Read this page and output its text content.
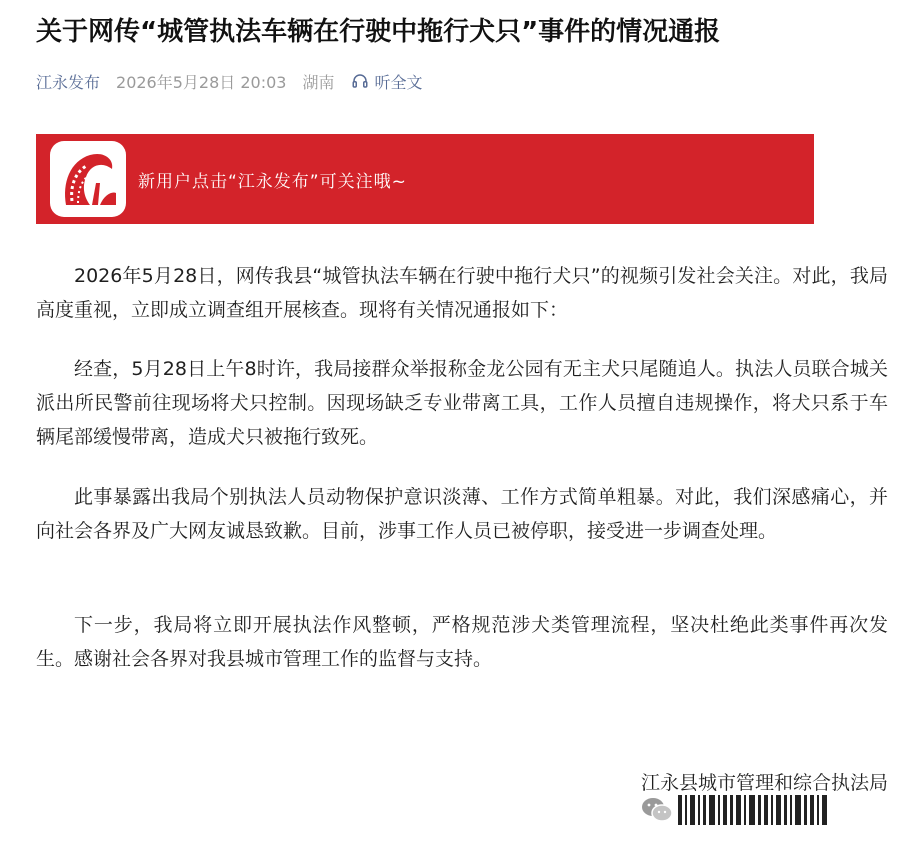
关于网传“城管执法车辆在行驶中拖行犬只”事件的情况通报
江永发布 2026年5月28日 20:03 湖南	听全文
新用户点击“江永发布”可关注哦~

2026年5月28日，网传我县“城管执法车辆在行驶中拖行犬只”的视频引发社会关注。对此，我局高度重视，立即成立调查组开展核查。现将有关情况通报如下：

经查，5月28日上午8时许，我局接群众举报称金龙公园有无主犬只尾随追人。执法人员联合城关派出所民警前往现场将犬只控制。因现场缺乏专业带离工具，工作人员擅自违规操作，将犬只系于车辆尾部缓慢带离，造成犬只被拖行致死。

此事暴露出我局个别执法人员动物保护意识淡薄、工作方式简单粗暴。对此，我们深感痛心，并向社会各界及广大网友诚恳致歉。目前，涉事工作人员已被停职，接受进一步调查处理。

下一步，我局将立即开展执法作风整顿，严格规范涉犬类管理流程，坚决杜绝此类事件再次发生。感谢社会各界对我县城市管理工作的监督与支持。

江永县城市管理和综合执法局
